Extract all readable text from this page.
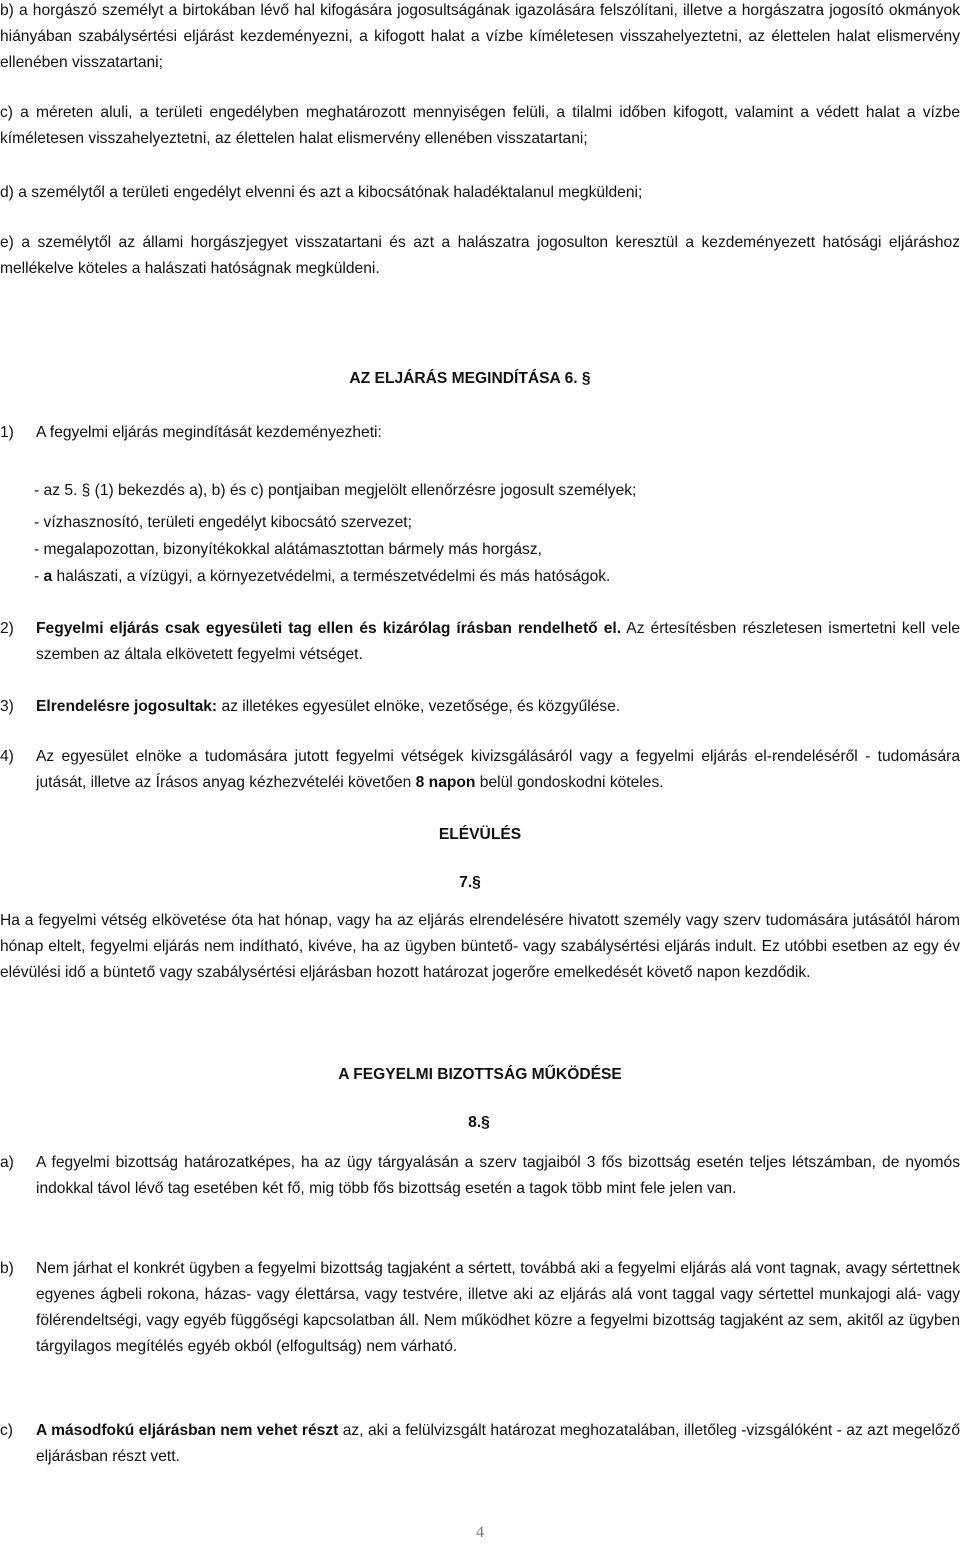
b) a horgászó személyt a birtokában lévő hal kifogására jogosultságának igazolására felszólítani, illetve a horgászatra jogosító okmányok hiányában szabálysértési eljárást kezdeményezni, a kifogott halat a vízbe kíméletesen visszahelyeztetni, az élettelen halat elismervény ellenében visszatartani;

c) a méreten aluli, a területi engedélyben meghatározott mennyiségen felüli, a tilalmi időben kifogott, valamint a védett halat a vízbe kíméletesen visszahelyeztetni, az élettelen halat elismervény ellenében visszatartani;

d) a személytől a területi engedélyt elvenni és azt a kibocsátónak haladéktalanul megküldeni;

e) a személytől az állami horgászjegyet visszatartani és azt a halászatra jogosulton keresztül a kezdeményezett hatósági eljáráshoz mellékelve köteles a halászati hatóságnak megküldeni.

AZ ELJÁRÁS MEGINDÍTÁSA 6. §

1) A fegyelmi eljárás megindítását kezdeményezheti:

- az 5. § (1) bekezdés a), b) és c) pontjaiban megjelölt ellenőrzésre jogosult személyek;

- vízhasznosító, területi engedélyt kibocsátó szervezet;

- megalapozottan, bizonyítékokkal alátámasztottan bármely más horgász,

- a halászati, a vízügyi, a környezetvédelmi, a természetvédelmi és más hatóságok.

2) Fegyelmi eljárás csak egyesületi tag ellen és kizárólag írásban rendelhető el. Az értesítésben részletesen ismertetni kell vele szemben az általa elkövetett fegyelmi vétséget.
3) Elrendelésre jogosultak: az illetékes egyesület elnöke, vezetősége, és közgyűlése.
4) Az egyesület elnöke a tudomására jutott fegyelmi vétségek kivizsgálásáról vagy a fegyelmi eljárás el-rendeléséről - tudomására jutását, illetve az Írásos anyag kézhezvételéi követően 8 napon belül gondoskodni köteles.

ELÉVÜLÉS

7.§

Ha a fegyelmi vétség elkövetése óta hat hónap, vagy ha az eljárás elrendelésére hivatott személy vagy szerv tudomására jutásától három hónap eltelt, fegyelmi eljárás nem indítható, kivéve, ha az ügyben büntető- vagy szabálysértési eljárás indult. Ez utóbbi esetben az egy év elévülési idő a büntető vagy szabálysértési eljárásban hozott határozat jogerőre emelkedését követő napon kezdődik.

A FEGYELMI BIZOTTSÁG MŰKÖDÉSE

8.§

a) A fegyelmi bizottság határozatképes, ha az ügy tárgyalásán a szerv tagjaiból 3 fős bizottság esetén teljes létszámban, de nyomós indokkal távol lévő tag esetében két fő, mig több fős bizottság esetén a tagok több mint fele jelen van.
b) Nem járhat el konkrét ügyben a fegyelmi bizottság tagjaként a sértett, továbbá aki a fegyelmi eljárás alá vont tagnak, avagy sértettnek egyenes ágbeli rokona, házas- vagy élettársa, vagy testvére, illetve aki az eljárás alá vont taggal vagy sértettel munkajogi alá- vagy fölérendeltségi, vagy egyéb függőségi kapcsolatban áll. Nem működhet közre a fegyelmi bizottság tagjaként az sem, akitől az ügyben tárgyilagos megítélés egyéb okból (elfogultság) nem várható.
c) A másodfokú eljárásban nem vehet részt az, aki a felülvizsgált határozat meghozatalában, illetőleg -vizsgálóként - az azt megelőző eljárásban részt vett.
4
